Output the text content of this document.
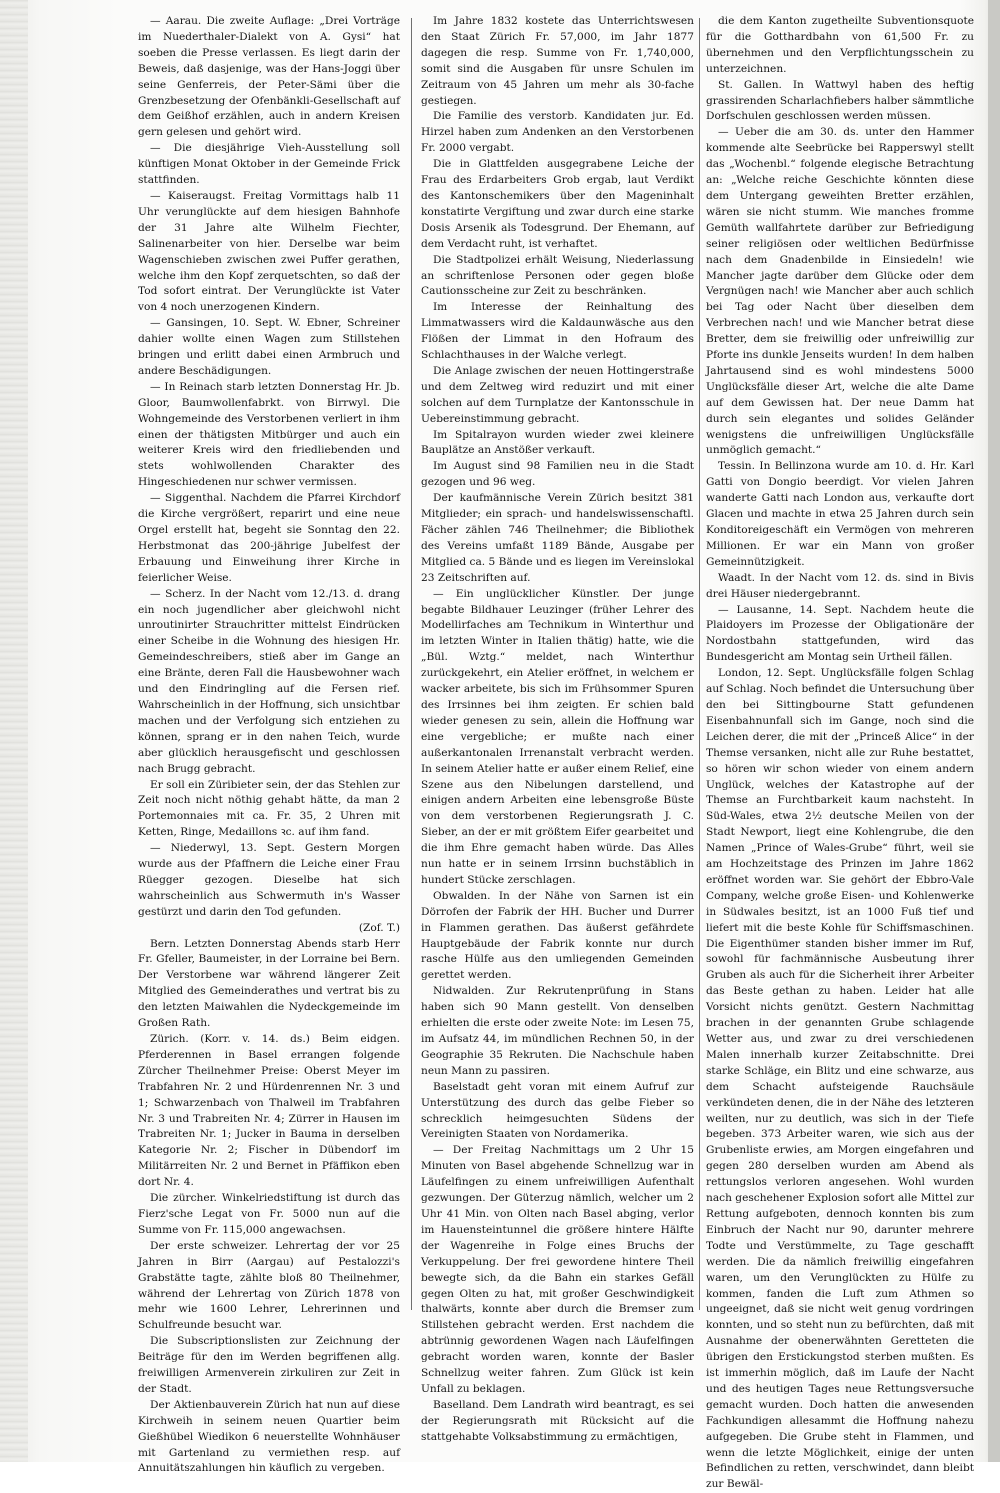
— Aarau. Die zweite Auflage: „Drei Vorträge im Nuederthaler-Dialekt von A. Gysi“ hat soeben die Presse verlassen. Es liegt darin der Beweis, daß dasjenige, was der Hans-Joggi über seine Genferreis, der Peter-Sämi über die Grenzbesetzung der Ofenbänkli-Gesellschaft auf dem Geißhof erzählen, auch in andern Kreisen gern gelesen und gehört wird.

— Die diesjährige Vieh-Ausstellung soll künftigen Monat Oktober in der Gemeinde Frick stattfinden.

— Kaiseraugst. Freitag Vormittags halb 11 Uhr verunglückte auf dem hiesigen Bahnhofe der 31 Jahre alte Wilhelm Fiechter, Salinenarbeiter von hier. Derselbe war beim Wagenschieben zwischen zwei Puffer gerathen, welche ihm den Kopf zerquetschten, so daß der Tod sofort eintrat. Der Verunglückte ist Vater von 4 noch unerzogenen Kindern.

— Gansingen, 10. Sept. W. Ebner, Schreiner dahier wollte einen Wagen zum Stillstehen bringen und erlitt dabei einen Armbruch und andere Beschädigungen.

— In Reinach starb letzten Donnerstag Hr. Jb. Gloor, Baumwollenfabrkt. von Birrwyl. Die Wohngemeinde des Verstorbenen verliert in ihm einen der thätigsten Mitbürger und auch ein weiterer Kreis wird den friedliebenden und stets wohlwollenden Charakter des Hingeschiedenen nur schwer vermissen.

— Siggenthal. Nachdem die Pfarrei Kirchdorf die Kirche vergrößert, reparirt und eine neue Orgel erstellt hat, begeht sie Sonntag den 22. Herbstmonat das 200-jährige Jubelfest der Erbauung und Einweihung ihrer Kirche in feierlicher Weise.

— Scherz. In der Nacht vom 12./13. d. drang ein noch jugendlicher aber gleichwohl nicht unroutinirter Strauchritter mittelst Eindrücken einer Scheibe in die Wohnung des hiesigen Hr. Gemeindeschreibers, stieß aber im Gange an eine Bränte, deren Fall die Hausbewohner wach und den Eindringling auf die Fersen rief. Wahrscheinlich in der Hoffnung, sich unsichtbar machen und der Verfolgung sich entziehen zu können, sprang er in den nahen Teich, wurde aber glücklich herausgefischt und geschlossen nach Brugg gebracht.

Er soll ein Züribieter sein, der das Stehlen zur Zeit noch nicht nöthig gehabt hätte, da man 2 Portemonnaies mit ca. Fr. 35, 2 Uhren mit Ketten, Ringe, Medaillons ꝛc. auf ihm fand.

— Niederwyl, 13. Sept. Gestern Morgen wurde aus der Pfaffnern die Leiche einer Frau Rüegger gezogen. Dieselbe hat sich wahrscheinlich aus Schwermuth in's Wasser gestürzt und darin den Tod gefunden.

(Zof. T.)

Bern. Letzten Donnerstag Abends starb Herr Fr. Gfeller, Baumeister, in der Lorraine bei Bern. Der Verstorbene war während längerer Zeit Mitglied des Gemeinderathes und vertrat bis zu den letzten Maiwahlen die Nydeckgemeinde im Großen Rath.

Zürich. (Korr. v. 14. ds.) Beim eidgen. Pferderennen in Basel errangen folgende Zürcher Theilnehmer Preise: Oberst Meyer im Trabfahren Nr. 2 und Hürdenrennen Nr. 3 und 1; Schwarzenbach von Thalweil im Trabfahren Nr. 3 und Trabreiten Nr. 4; Zürrer in Hausen im Trabreiten Nr. 1; Jucker in Bauma in derselben Kategorie Nr. 2; Fischer in Dübendorf im Militärreiten Nr. 2 und Bernet in Pfäffikon eben dort Nr. 4.

Die zürcher. Winkelriedstiftung ist durch das Fierz'sche Legat von Fr. 5000 nun auf die Summe von Fr. 115,000 angewachsen.

Der erste schweizer. Lehrertag der vor 25 Jahren in Birr (Aargau) auf Pestalozzi's Grabstätte tagte, zählte bloß 80 Theilnehmer, während der Lehrertag von Zürich 1878 von mehr wie 1600 Lehrer, Lehrerinnen und Schulfreunde besucht war.

Die Subscriptionslisten zur Zeichnung der Beiträge für den im Werden begriffenen allg. freiwilligen Armenverein zirkuliren zur Zeit in der Stadt.

Der Aktienbauverein Zürich hat nun auf diese Kirchweih in seinem neuen Quartier beim Gießhübel Wiedikon 6 neuerstellte Wohnhäuser mit Gartenland zu vermiethen resp. auf Annuitätszahlungen hin käuflich zu vergeben.

Im Jahre 1832 kostete das Unterrichtswesen den Staat Zürich Fr. 57,000, im Jahr 1877 dagegen die resp. Summe von Fr. 1,740,000, somit sind die Ausgaben für unsre Schulen im Zeitraum von 45 Jahren um mehr als 30-fache gestiegen.

Die Familie des verstorb. Kandidaten jur. Ed. Hirzel haben zum Andenken an den Verstorbenen Fr. 2000 vergabt.

Die in Glattfelden ausgegrabene Leiche der Frau des Erdarbeiters Grob ergab, laut Verdikt des Kantonschemikers über den Mageninhalt konstatirte Vergiftung und zwar durch eine starke Dosis Arsenik als Todesgrund. Der Ehemann, auf dem Verdacht ruht, ist verhaftet.

Die Stadtpolizei erhält Weisung, Niederlassung an schriftenlose Personen oder gegen bloße Cautionsscheine zur Zeit zu beschränken.

Im Interesse der Reinhaltung des Limmatwassers wird die Kaldaunwäsche aus den Flößen der Limmat in den Hofraum des Schlachthauses in der Walche verlegt.

Die Anlage zwischen der neuen Hottingerstraße und dem Zeltweg wird reduzirt und mit einer solchen auf dem Turnplatze der Kantonsschule in Uebereinstimmung gebracht.

Im Spitalrayon wurden wieder zwei kleinere Bauplätze an Anstößer verkauft.

Im August sind 98 Familien neu in die Stadt gezogen und 96 weg.

Der kaufmännische Verein Zürich besitzt 381 Mitglieder; ein sprach- und handelswissenschaftl. Fächer zählen 746 Theilnehmer; die Bibliothek des Vereins umfaßt 1189 Bände, Ausgabe per Mitglied ca. 5 Bände und es liegen im Vereinslokal 23 Zeitschriften auf.

— Ein unglücklicher Künstler. Der junge begabte Bildhauer Leuzinger (früher Lehrer des Modellirfaches am Technikum in Winterthur und im letzten Winter in Italien thätig) hatte, wie die „Bül. Wztg.“ meldet, nach Winterthur zurückgekehrt, ein Atelier eröffnet, in welchem er wacker arbeitete, bis sich im Frühsommer Spuren des Irrsinnes bei ihm zeigten. Er schien bald wieder genesen zu sein, allein die Hoffnung war eine vergebliche; er mußte nach einer außerkantonalen Irrenanstalt verbracht werden. In seinem Atelier hatte er außer einem Relief, eine Szene aus den Nibelungen darstellend, und einigen andern Arbeiten eine lebensgroße Büste von dem verstorbenen Regierungsrath J. C. Sieber, an der er mit größtem Eifer gearbeitet und die ihm Ehre gemacht haben würde. Das Alles nun hatte er in seinem Irrsinn buchstäblich in hundert Stücke zerschlagen.

Obwalden. In der Nähe von Sarnen ist ein Dörrofen der Fabrik der HH. Bucher und Durrer in Flammen gerathen. Das äußerst gefährdete Hauptgebäude der Fabrik konnte nur durch rasche Hülfe aus den umliegenden Gemeinden gerettet werden.

Nidwalden. Zur Rekrutenprüfung in Stans haben sich 90 Mann gestellt. Von denselben erhielten die erste oder zweite Note: im Lesen 75, im Aufsatz 44, im mündlichen Rechnen 50, in der Geographie 35 Rekruten. Die Nachschule haben neun Mann zu passiren.

Baselstadt geht voran mit einem Aufruf zur Unterstützung des durch das gelbe Fieber so schrecklich heimgesuchten Südens der Vereinigten Staaten von Nordamerika.

— Der Freitag Nachmittags um 2 Uhr 15 Minuten von Basel abgehende Schnellzug war in Läufelfingen zu einem unfreiwilligen Aufenthalt gezwungen. Der Güterzug nämlich, welcher um 2 Uhr 41 Min. von Olten nach Basel abging, verlor im Hauensteintunnel die größere hintere Hälfte der Wagenreihe in Folge eines Bruchs der Verkuppelung. Der frei gewordene hintere Theil bewegte sich, da die Bahn ein starkes Gefäll gegen Olten zu hat, mit großer Geschwindigkeit thalwärts, konnte aber durch die Bremser zum Stillstehen gebracht werden. Erst nachdem die abtrünnig gewordenen Wagen nach Läufelfingen gebracht worden waren, konnte der Basler Schnellzug weiter fahren. Zum Glück ist kein Unfall zu beklagen.

Baselland. Dem Landrath wird beantragt, es sei der Regierungsrath mit Rücksicht auf die stattgehabte Volksabstimmung zu ermächtigen,

die dem Kanton zugetheilte Subventionsquote für die Gotthardbahn von 61,500 Fr. zu übernehmen und den Verpflichtungsschein zu unterzeichnen.

St. Gallen. In Wattwyl haben des heftig grassirenden Scharlachfiebers halber sämmtliche Dorfschulen geschlossen werden müssen.

— Ueber die am 30. ds. unter den Hammer kommende alte Seebrücke bei Rapperswyl stellt das „Wochenbl.“ folgende elegische Betrachtung an: „Welche reiche Geschichte könnten diese dem Untergang geweihten Bretter erzählen, wären sie nicht stumm. Wie manches fromme Gemüth wallfahrtete darüber zur Befriedigung seiner religiösen oder weltlichen Bedürfnisse nach dem Gnadenbilde in Einsiedeln! wie Mancher jagte darüber dem Glücke oder dem Vergnügen nach! wie Mancher aber auch schlich bei Tag oder Nacht über dieselben dem Verbrechen nach! und wie Mancher betrat diese Bretter, dem sie freiwillig oder unfreiwillig zur Pforte ins dunkle Jenseits wurden! In dem halben Jahrtausend sind es wohl mindestens 5000 Unglücksfälle dieser Art, welche die alte Dame auf dem Gewissen hat. Der neue Damm hat durch sein elegantes und solides Geländer wenigstens die unfreiwilligen Unglücksfälle unmöglich gemacht.“

Tessin. In Bellinzona wurde am 10. d. Hr. Karl Gatti von Dongio beerdigt. Vor vielen Jahren wanderte Gatti nach London aus, verkaufte dort Glacen und machte in etwa 25 Jahren durch sein Konditoreigeschäft ein Vermögen von mehreren Millionen. Er war ein Mann von großer Gemeinnützigkeit.

Waadt. In der Nacht vom 12. ds. sind in Bivis drei Häuser niedergebrannt.

— Lausanne, 14. Sept. Nachdem heute die Plaidoyers im Prozesse der Obligationäre der Nordostbahn stattgefunden, wird das Bundesgericht am Montag sein Urtheil fällen.

London, 12. Sept. Unglücksfälle folgen Schlag auf Schlag. Noch befindet die Untersuchung über den bei Sittingbourne Statt gefundenen Eisenbahnunfall sich im Gange, noch sind die Leichen derer, die mit der „Princeß Alice“ in der Themse versanken, nicht alle zur Ruhe bestattet, so hören wir schon wieder von einem andern Unglück, welches der Katastrophe auf der Themse an Furchtbarkeit kaum nachsteht. In Süd-Wales, etwa 2½ deutsche Meilen von der Stadt Newport, liegt eine Kohlengrube, die den Namen „Prince of Wales-Grube“ führt, weil sie am Hochzeitstage des Prinzen im Jahre 1862 eröffnet worden war. Sie gehört der Ebbro-Vale Company, welche große Eisen- und Kohlenwerke in Südwales besitzt, ist an 1000 Fuß tief und liefert mit die beste Kohle für Schiffsmaschinen. Die Eigenthümer standen bisher immer im Ruf, sowohl für fachmännische Ausbeutung ihrer Gruben als auch für die Sicherheit ihrer Arbeiter das Beste gethan zu haben. Leider hat alle Vorsicht nichts genützt. Gestern Nachmittag brachen in der genannten Grube schlagende Wetter aus, und zwar zu drei verschiedenen Malen innerhalb kurzer Zeitabschnitte. Drei starke Schläge, ein Blitz und eine schwarze, aus dem Schacht aufsteigende Rauchsäule verkündeten denen, die in der Nähe des letzteren weilten, nur zu deutlich, was sich in der Tiefe begeben. 373 Arbeiter waren, wie sich aus der Grubenliste erwies, am Morgen eingefahren und gegen 280 derselben wurden am Abend als rettungslos verloren angesehen. Wohl wurden nach geschehener Explosion sofort alle Mittel zur Rettung aufgeboten, dennoch konnten bis zum Einbruch der Nacht nur 90, darunter mehrere Todte und Verstümmelte, zu Tage geschafft werden. Die da nämlich freiwillig eingefahren waren, um den Verunglückten zu Hülfe zu kommen, fanden die Luft zum Athmen so ungeeignet, daß sie nicht weit genug vordringen konnten, und so steht nun zu befürchten, daß mit Ausnahme der obenerwähnten Geretteten die übrigen den Erstickungstod sterben mußten. Es ist immerhin möglich, daß im Laufe der Nacht und des heutigen Tages neue Rettungsversuche gemacht wurden. Doch hatten die anwesenden Fachkundigen allesammt die Hoffnung nahezu aufgegeben. Die Grube steht in Flammen, und wenn die letzte Möglichkeit, einige der unten Befindlichen zu retten, verschwindet, dann bleibt zur Bewäl-
